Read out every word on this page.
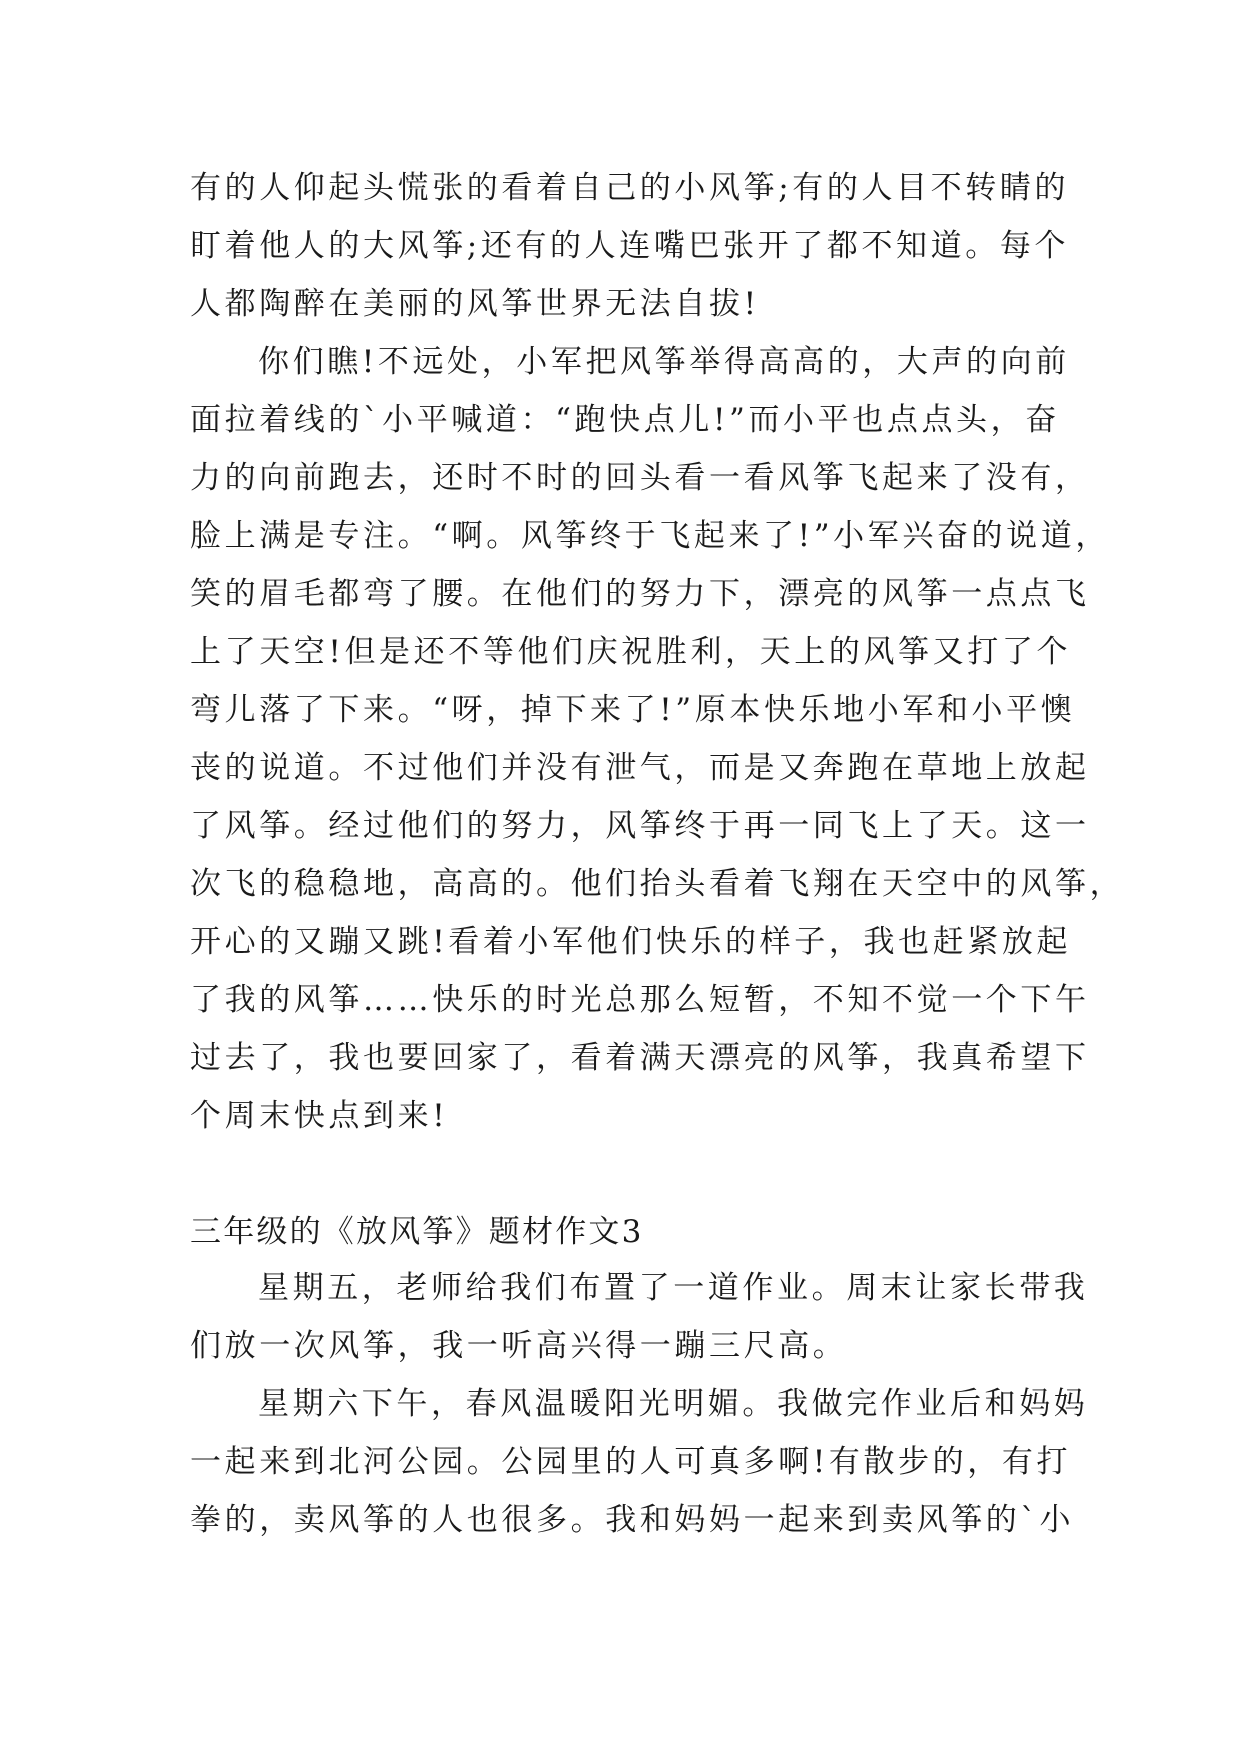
有的人仰起头慌张的看着自己的小风筝;有的人目不转睛的
盯着他人的大风筝;还有的人连嘴巴张开了都不知道。每个
人都陶醉在美丽的风筝世界无法自拔!
你们瞧!不远处，小军把风筝举得高高的，大声的向前
面拉着线的`小平喊道：“跑快点儿!”而小平也点点头，奋
力的向前跑去，还时不时的回头看一看风筝飞起来了没有，
脸上满是专注。“啊。风筝终于飞起来了!”小军兴奋的说道，
笑的眉毛都弯了腰。在他们的努力下，漂亮的风筝一点点飞
上了天空!但是还不等他们庆祝胜利，天上的风筝又打了个
弯儿落了下来。“呀，掉下来了!”原本快乐地小军和小平懊
丧的说道。不过他们并没有泄气，而是又奔跑在草地上放起
了风筝。经过他们的努力，风筝终于再一同飞上了天。这一
次飞的稳稳地，高高的。他们抬头看着飞翔在天空中的风筝，
开心的又蹦又跳!看着小军他们快乐的样子，我也赶紧放起
了我的风筝……快乐的时光总那么短暂，不知不觉一个下午
过去了，我也要回家了，看着满天漂亮的风筝，我真希望下
个周末快点到来!
三年级的《放风筝》题材作文3
星期五，老师给我们布置了一道作业。周末让家长带我
们放一次风筝，我一听高兴得一蹦三尺高。
星期六下午，春风温暖阳光明媚。我做完作业后和妈妈
一起来到北河公园。公园里的人可真多啊!有散步的，有打
拳的，卖风筝的人也很多。我和妈妈一起来到卖风筝的`小
